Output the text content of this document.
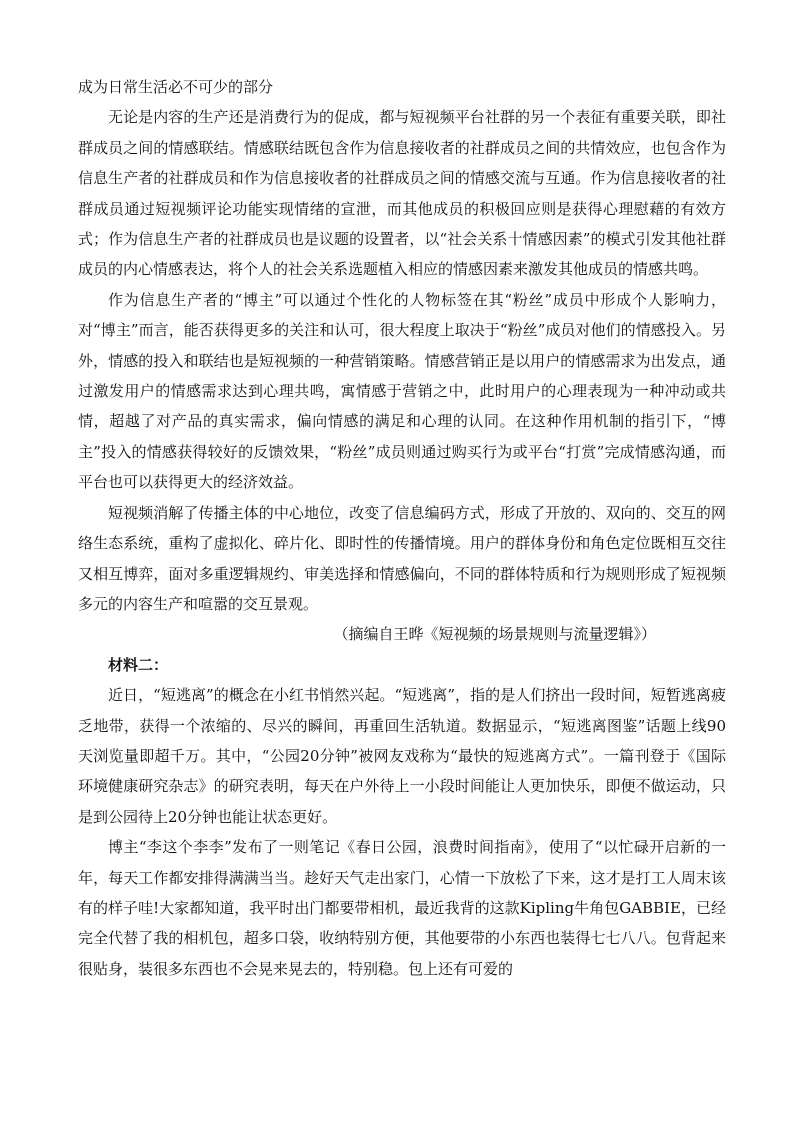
成为日常生活必不可少的部分

无论是内容的生产还是消费行为的促成，都与短视频平台社群的另一个表征有重要关联，即社群成员之间的情感联结。情感联结既包含作为信息接收者的社群成员之间的共情效应，也包含作为信息生产者的社群成员和作为信息接收者的社群成员之间的情感交流与互通。作为信息接收者的社群成员通过短视频评论功能实现情绪的宣泄，而其他成员的积极回应则是获得心理慰藉的有效方式；作为信息生产者的社群成员也是议题的设置者，以“社会关系十情感因素”的模式引发其他社群成员的内心情感表达，将个人的社会关系选题植入相应的情感因素来激发其他成员的情感共鸣。

作为信息生产者的“博主”可以通过个性化的人物标签在其“粉丝”成员中形成个人影响力，对“博主”而言，能否获得更多的关注和认可，很大程度上取决于“粉丝”成员对他们的情感投入。另外，情感的投入和联结也是短视频的一种营销策略。情感营销正是以用户的情感需求为出发点，通过激发用户的情感需求达到心理共鸣，寓情感于营销之中，此时用户的心理表现为一种冲动或共情，超越了对产品的真实需求，偏向情感的满足和心理的认同。在这种作用机制的指引下，“博主”投入的情感获得较好的反馈效果，“粉丝”成员则通过购买行为或平台“打赏”完成情感沟通，而平台也可以获得更大的经济效益。

短视频消解了传播主体的中心地位，改变了信息编码方式，形成了开放的、双向的、交互的网络生态系统，重构了虚拟化、碎片化、即时性的传播情境。用户的群体身份和角色定位既相互交往又相互博弈，面对多重逻辑规约、审美选择和情感偏向，不同的群体特质和行为规则形成了短视频多元的内容生产和喧嚣的交互景观。

（摘编自王晔《短视频的场景规则与流量逻辑》）

材料二：

近日，“短逃离”的概念在小红书悄然兴起。“短逃离”，指的是人们挤出一段时间，短暂逃离疲乏地带，获得一个浓缩的、尽兴的瞬间，再重回生活轨道。数据显示，“短逃离图鉴”话题上线90天浏览量即超千万。其中，“公园20分钟”被网友戏称为“最快的短逃离方式”。一篇刊登于《国际环境健康研究杂志》的研究表明，每天在户外待上一小段时间能让人更加快乐，即便不做运动，只是到公园待上20分钟也能让状态更好。

博主“李这个李李”发布了一则笔记《春日公园，浪费时间指南》，使用了“以忙碌开启新的一年，每天工作都安排得满满当当。趁好天气走出家门，心情一下放松了下来，这才是打工人周末该有的样子哇!大家都知道，我平时出门都要带相机，最近我背的这款Kipling牛角包GABBIE，已经完全代替了我的相机包，超多口袋，收纳特别方便，其他要带的小东西也装得七七八八。包背起来很贴身，装很多东西也不会晃来晃去的，特别稳。包上还有可爱的
